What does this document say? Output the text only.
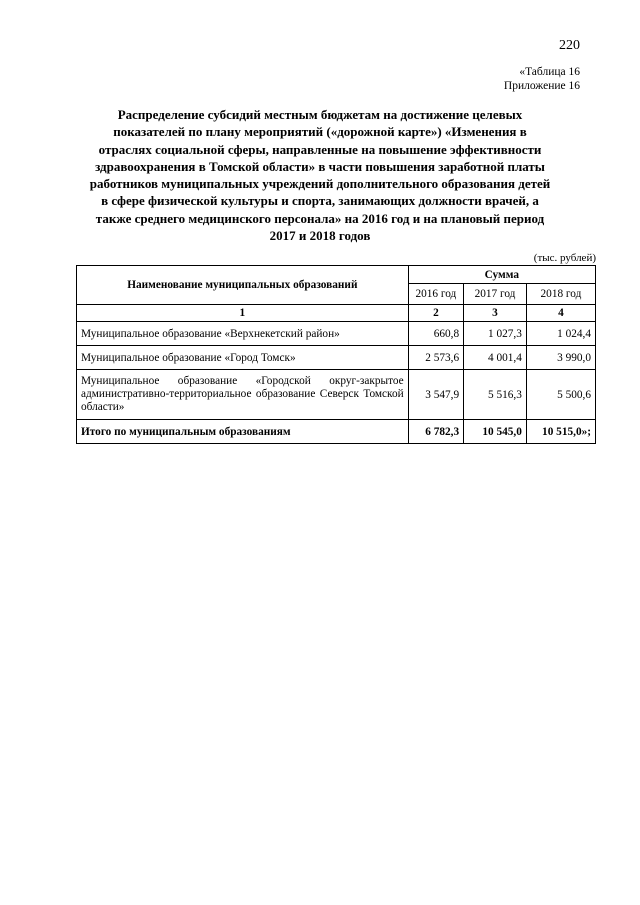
220
«Таблица 16
Приложение 16
Распределение субсидий местным бюджетам на достижение целевых
показателей по плану мероприятий («дорожной карте») «Изменения в
отраслях социальной сферы, направленные на повышение эффективности
здравоохранения в Томской области» в части повышения заработной платы
работников муниципальных учреждений дополнительного образования детей
в сфере физической культуры и спорта, занимающих должности врачей, а
также среднего медицинского персонала» на 2016 год и на плановый период
2017 и 2018 годов
(тыс. рублей)
Наименование муниципальных образований	Сумма		
	2016 год	2017 год	2018 год
1	2	3	4
Муниципальное образование «Верхнекетский район»	660,8	1 027,3	1 024,4
Муниципальное образование «Город Томск»	2 573,6	4 001,4	3 990,0
Муниципальное образование «Городской округ-закрытое административно-территориальное образование Северск Томской области»	3 547,9	5 516,3	5 500,6
Итого по муниципальным образованиям	6 782,3	10 545,0	10 515,0»;
